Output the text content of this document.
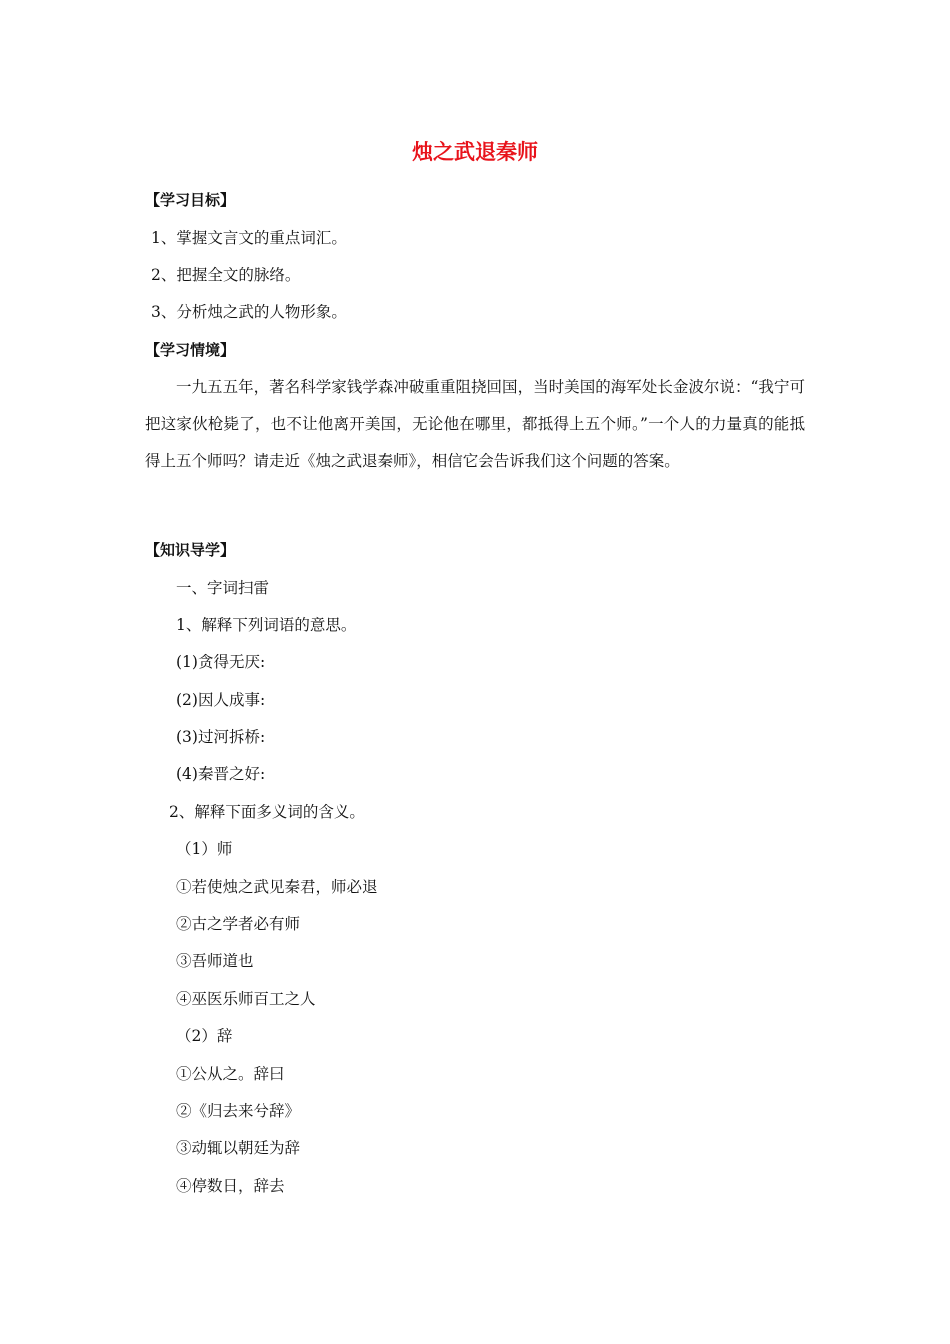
烛之武退秦师
【学习目标】
1、掌握文言文的重点词汇。
2、把握全文的脉络。
3、分析烛之武的人物形象。
【学习情境】
一九五五年，著名科学家钱学森冲破重重阻挠回国，当时美国的海军处长金波尔说：“我宁可把这家伙枪毙了，也不让他离开美国，无论他在哪里，都抵得上五个师。”一个人的力量真的能抵得上五个师吗？请走近《烛之武退秦师》，相信它会告诉我们这个问题的答案。
【知识导学】
一、字词扫雷
1、解释下列词语的意思。
(1)贪得无厌:
(2)因人成事:
(3)过河拆桥:
(4)秦晋之好:
2、解释下面多义词的含义。
（1）师
①若使烛之武见秦君，师必退
②古之学者必有师
③吾师道也
④巫医乐师百工之人
（2）辞
①公从之。辞曰
②《归去来兮辞》
③动辄以朝廷为辞
④停数日，辞去
